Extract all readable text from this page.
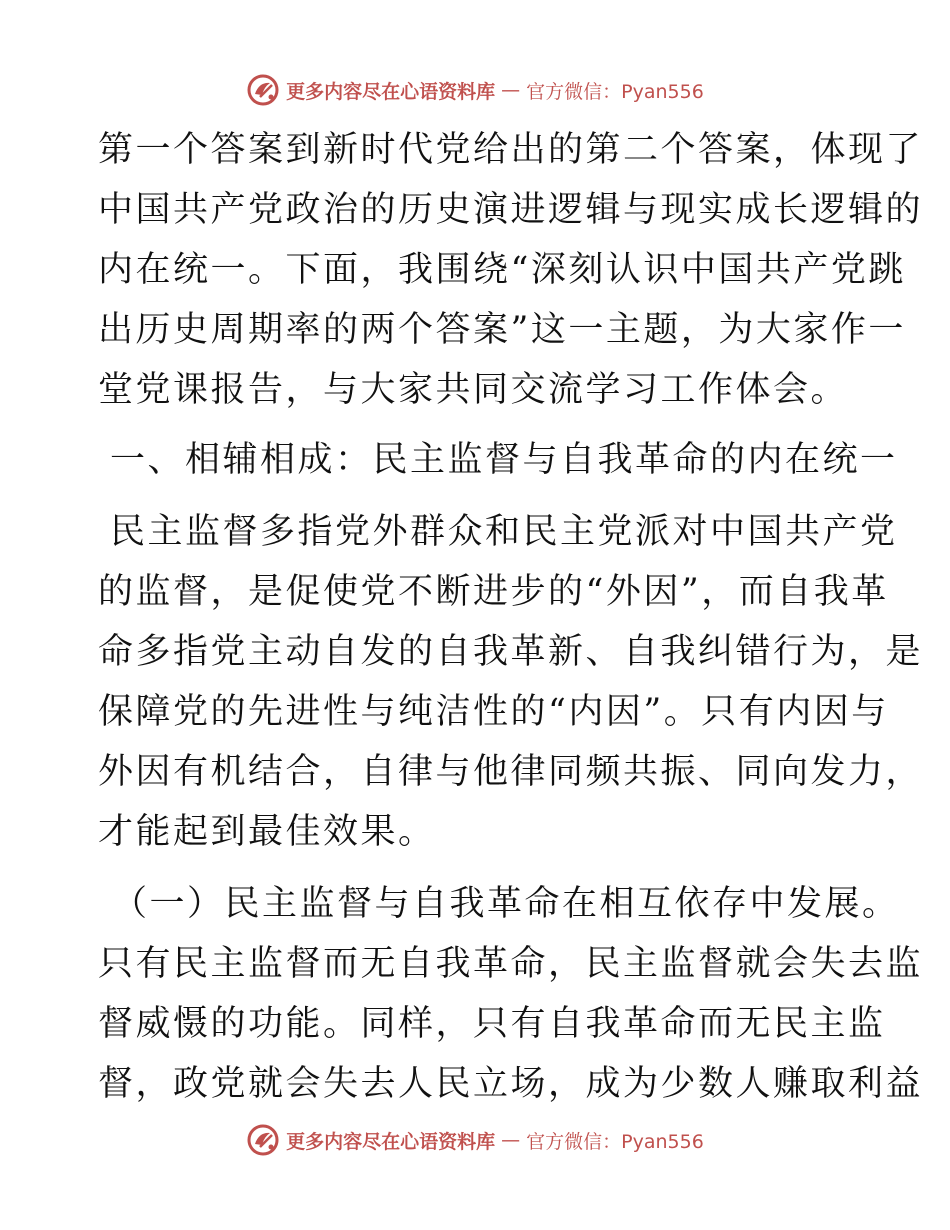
更多内容尽在心语资料库 — 官方微信：Pyan556
第一个答案到新时代党给出的第二个答案，体现了
中国共产党政治的历史演进逻辑与现实成长逻辑的
内在统一。下面，我围绕“深刻认识中国共产党跳
出历史周期率的两个答案”这一主题，为大家作一
堂党课报告，与大家共同交流学习工作体会。
一、相辅相成：民主监督与自我革命的内在统一
民主监督多指党外群众和民主党派对中国共产党
的监督，是促使党不断进步的“外因”，而自我革
命多指党主动自发的自我革新、自我纠错行为，是
保障党的先进性与纯洁性的“内因”。只有内因与
外因有机结合，自律与他律同频共振、同向发力，
才能起到最佳效果。
（一）民主监督与自我革命在相互依存中发展。
只有民主监督而无自我革命，民主监督就会失去监
督威慑的功能。同样，只有自我革命而无民主监
督，政党就会失去人民立场，成为少数人赚取利益
更多内容尽在心语资料库 — 官方微信：Pyan556
